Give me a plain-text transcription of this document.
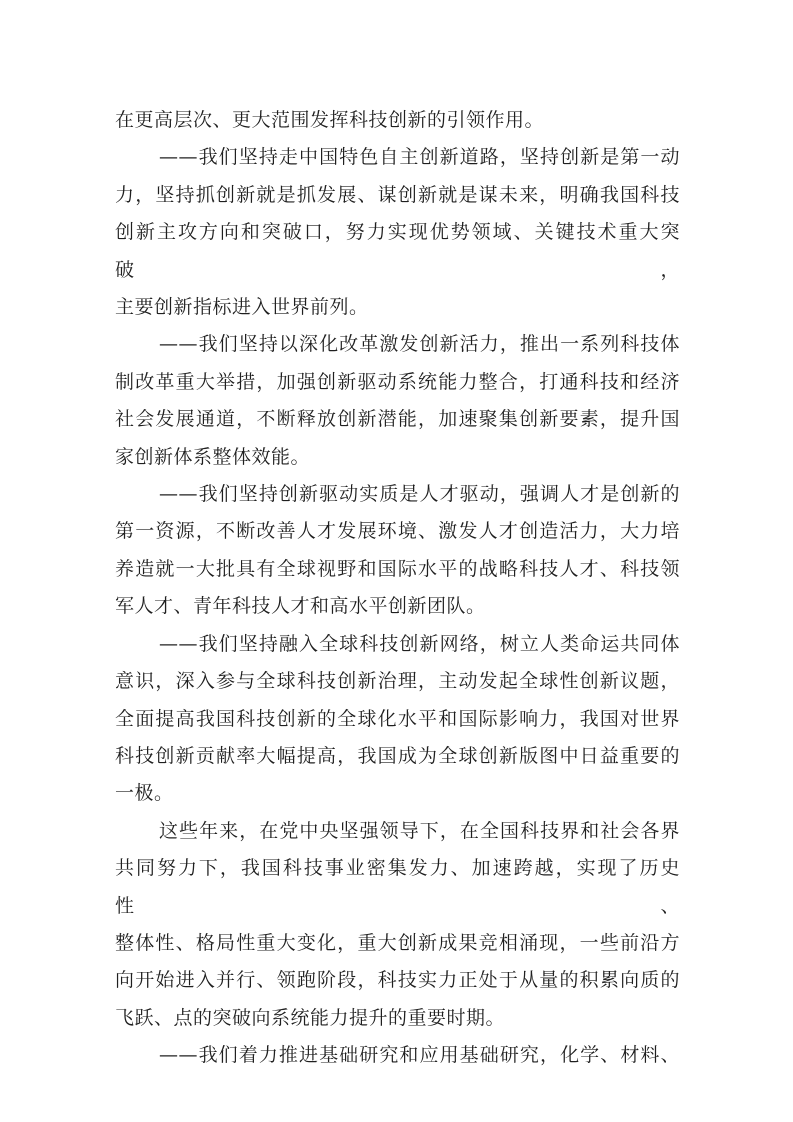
在更高层次、更大范围发挥科技创新的引领作用。
——我们坚持走中国特色自主创新道路，坚持创新是第一动
力，坚持抓创新就是抓发展、谋创新就是谋未来，明确我国科技
创新主攻方向和突破口，努力实现优势领域、关键技术重大突破，
主要创新指标进入世界前列。
——我们坚持以深化改革激发创新活力，推出一系列科技体
制改革重大举措，加强创新驱动系统能力整合，打通科技和经济
社会发展通道，不断释放创新潜能，加速聚集创新要素，提升国
家创新体系整体效能。
——我们坚持创新驱动实质是人才驱动，强调人才是创新的
第一资源，不断改善人才发展环境、激发人才创造活力，大力培
养造就一大批具有全球视野和国际水平的战略科技人才、科技领
军人才、青年科技人才和高水平创新团队。
——我们坚持融入全球科技创新网络，树立人类命运共同体
意识，深入参与全球科技创新治理，主动发起全球性创新议题，
全面提高我国科技创新的全球化水平和国际影响力，我国对世界
科技创新贡献率大幅提高，我国成为全球创新版图中日益重要的
一极。
这些年来，在党中央坚强领导下，在全国科技界和社会各界
共同努力下，我国科技事业密集发力、加速跨越，实现了历史性、
整体性、格局性重大变化，重大创新成果竞相涌现，一些前沿方
向开始进入并行、领跑阶段，科技实力正处于从量的积累向质的
飞跃、点的突破向系统能力提升的重要时期。
——我们着力推进基础研究和应用基础研究，化学、材料、
